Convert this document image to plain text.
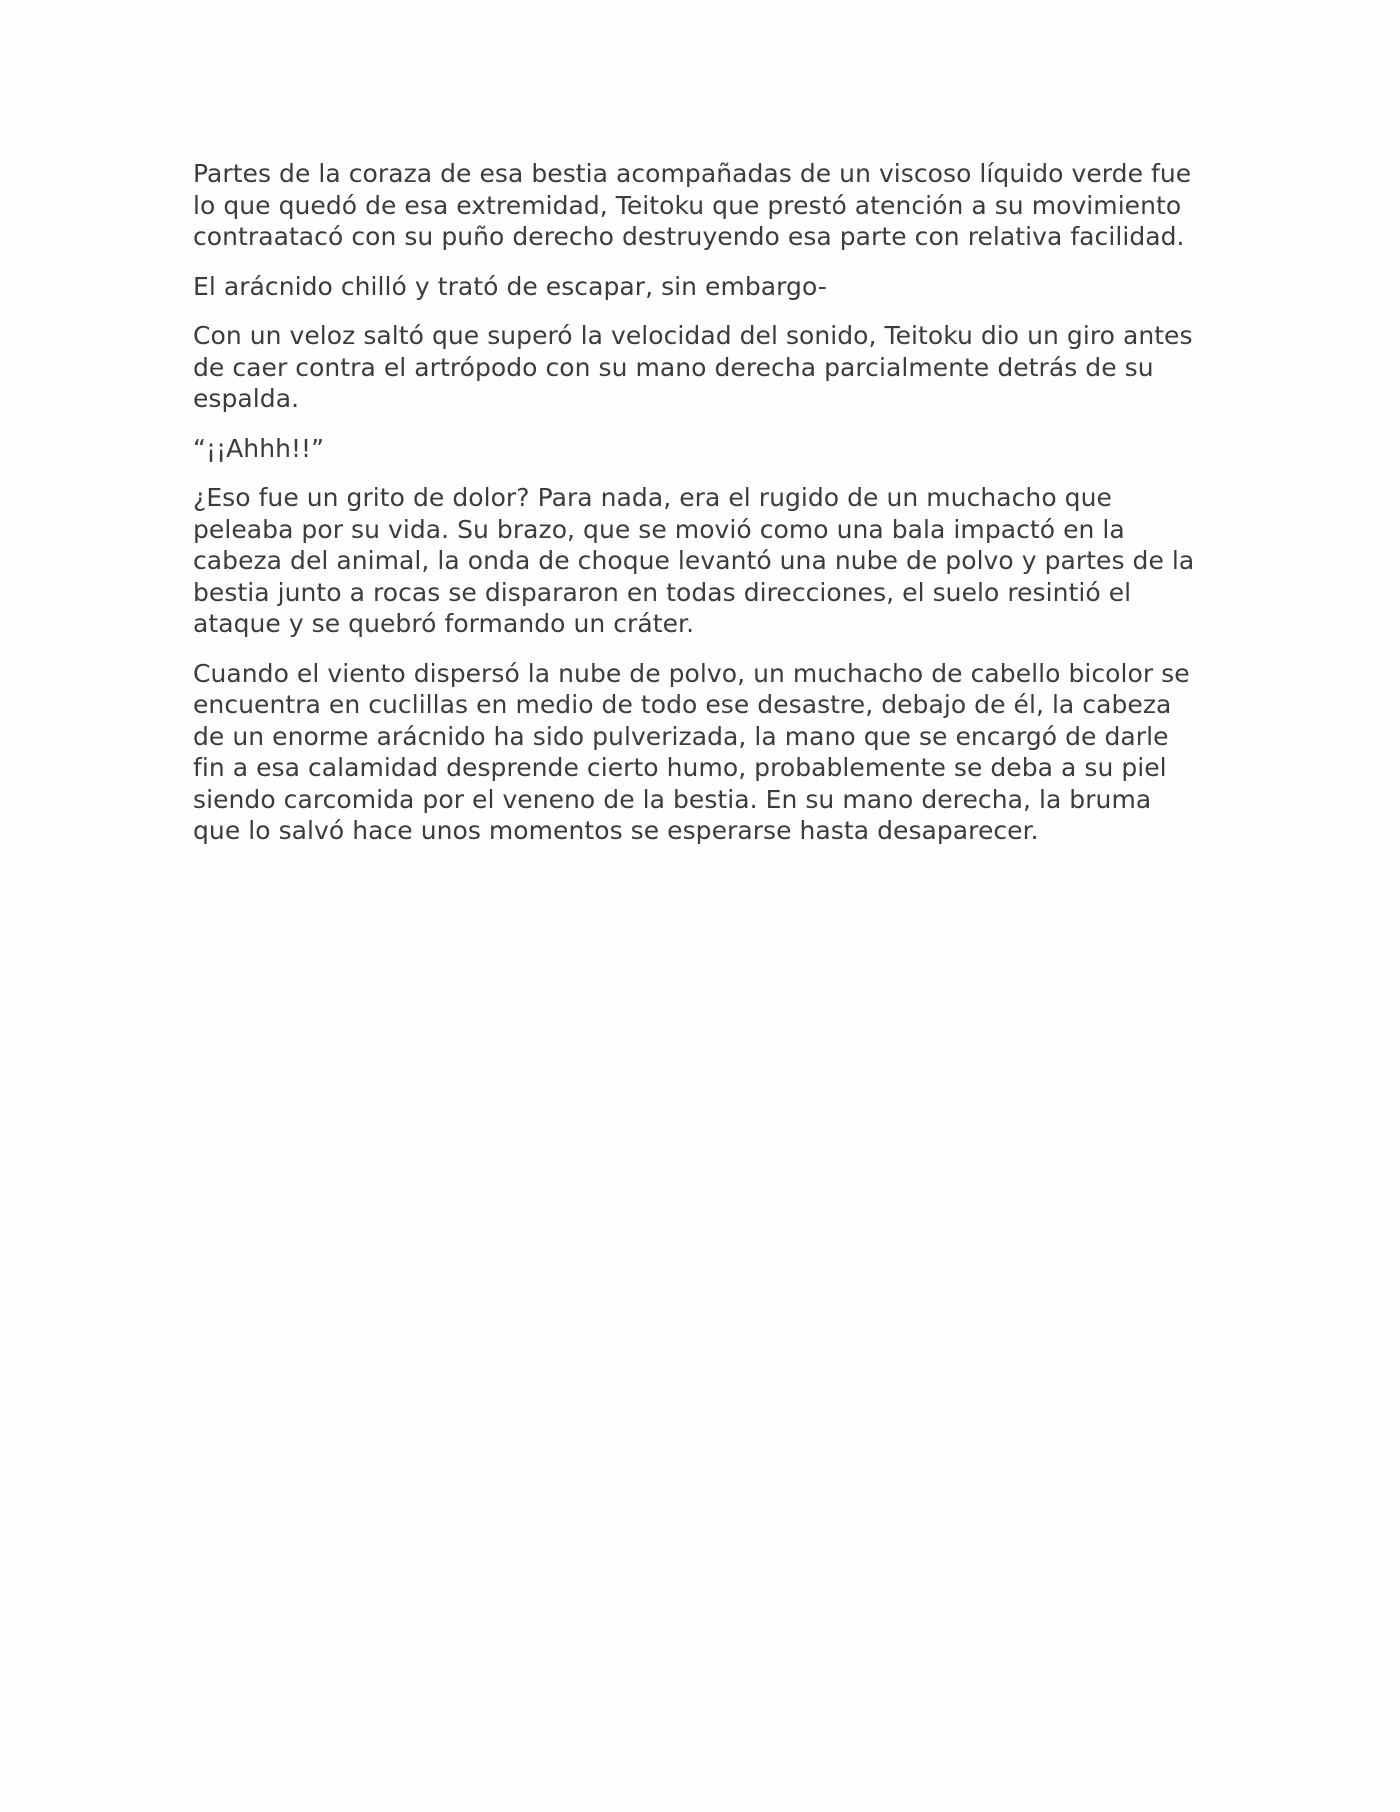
Partes de la coraza de esa bestia acompañadas de un viscoso líquido verde fue lo que quedó de esa extremidad, Teitoku que prestó atención a su movimiento contraatacó con su puño derecho destruyendo esa parte con relativa facilidad.

El arácnido chilló y trató de escapar, sin embargo-

Con un veloz saltó que superó la velocidad del sonido, Teitoku dio un giro antes de caer contra el artrópodo con su mano derecha parcialmente detrás de su espalda.

“¡¡Ahhh!!”

¿Eso fue un grito de dolor? Para nada, era el rugido de un muchacho que peleaba por su vida. Su brazo, que se movió como una bala impactó en la cabeza del animal, la onda de choque levantó una nube de polvo y partes de la bestia junto a rocas se dispararon en todas direcciones, el suelo resintió el ataque y se quebró formando un cráter.

Cuando el viento dispersó la nube de polvo, un muchacho de cabello bicolor se encuentra en cuclillas en medio de todo ese desastre, debajo de él, la cabeza de un enorme arácnido ha sido pulverizada, la mano que se encargó de darle fin a esa calamidad desprende cierto humo, probablemente se deba a su piel siendo carcomida por el veneno de la bestia. En su mano derecha, la bruma que lo salvó hace unos momentos se esperarse hasta desaparecer.
